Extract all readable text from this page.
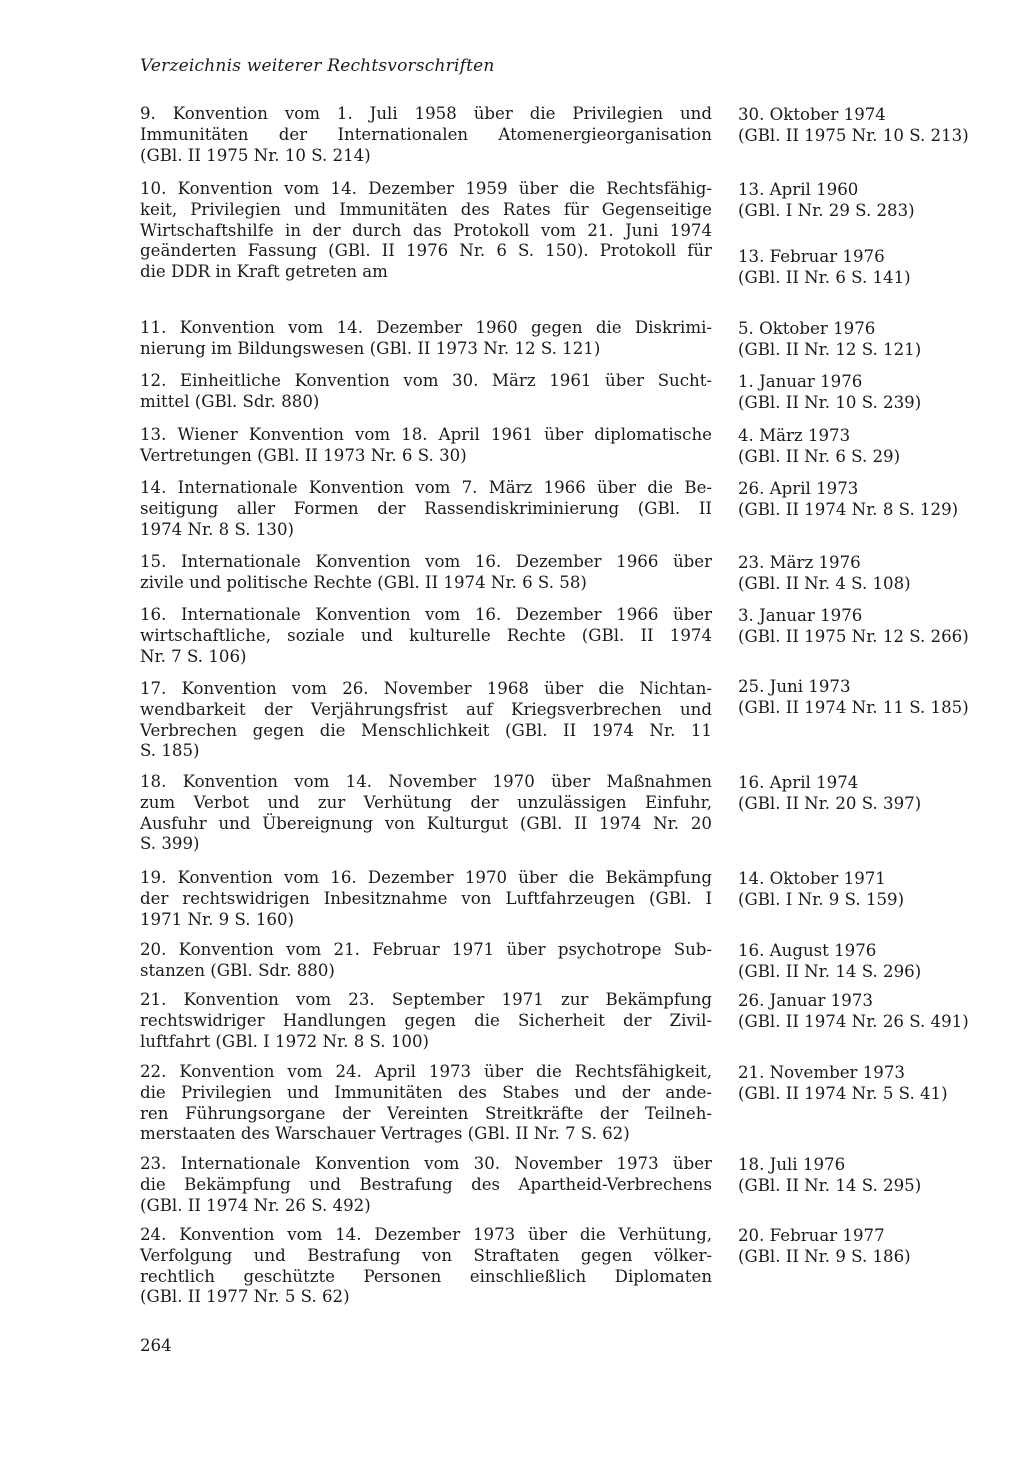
Verzeichnis weiterer Rechtsvorschriften
9. Konvention vom 1. Juli 1958 über die Privilegien und
Immunitäten der Internationalen Atomenergieorganisation
(GBl. II 1975 Nr. 10 S. 214)
30. Oktober 1974
(GBl. II 1975 Nr. 10 S. 213)
10. Konvention vom 14. Dezember 1959 über die Rechtsfähig-
keit, Privilegien und Immunitäten des Rates für Gegenseitige
Wirtschaftshilfe in der durch das Protokoll vom 21. Juni 1974
geänderten Fassung (GBl. II 1976 Nr. 6 S. 150). Protokoll für
die DDR in Kraft getreten am
13. April 1960
(GBl. I Nr. 29 S. 283)
13. Februar 1976
(GBl. II Nr. 6 S. 141)
11. Konvention vom 14. Dezember 1960 gegen die Diskrimi-
nierung im Bildungswesen (GBl. II 1973 Nr. 12 S. 121)
5. Oktober 1976
(GBl. II Nr. 12 S. 121)
12. Einheitliche Konvention vom 30. März 1961 über Sucht-
mittel (GBl. Sdr. 880)
1. Januar 1976
(GBl. II Nr. 10 S. 239)
13. Wiener Konvention vom 18. April 1961 über diplomatische
Vertretungen (GBl. II 1973 Nr. 6 S. 30)
4. März 1973
(GBl. II Nr. 6 S. 29)
14. Internationale Konvention vom 7. März 1966 über die Be-
seitigung aller Formen der Rassendiskriminierung (GBl. II
1974 Nr. 8 S. 130)
26. April 1973
(GBl. II 1974 Nr. 8 S. 129)
15. Internationale Konvention vom 16. Dezember 1966 über
zivile und politische Rechte (GBl. II 1974 Nr. 6 S. 58)
23. März 1976
(GBl. II Nr. 4 S. 108)
16. Internationale Konvention vom 16. Dezember 1966 über
wirtschaftliche, soziale und kulturelle Rechte (GBl. II 1974
Nr. 7 S. 106)
3. Januar 1976
(GBl. II 1975 Nr. 12 S. 266)
17. Konvention vom 26. November 1968 über die Nichtan-
wendbarkeit der Verjährungsfrist auf Kriegsverbrechen und
Verbrechen gegen die Menschlichkeit (GBl. II 1974 Nr. 11
S. 185)
25. Juni 1973
(GBl. II 1974 Nr. 11 S. 185)
18. Konvention vom 14. November 1970 über Maßnahmen
zum Verbot und zur Verhütung der unzulässigen Einfuhr,
Ausfuhr und Übereignung von Kulturgut (GBl. II 1974 Nr. 20
S. 399)
16. April 1974
(GBl. II Nr. 20 S. 397)
19. Konvention vom 16. Dezember 1970 über die Bekämpfung
der rechtswidrigen Inbesitznahme von Luftfahrzeugen (GBl. I
1971 Nr. 9 S. 160)
14. Oktober 1971
(GBl. I Nr. 9 S. 159)
20. Konvention vom 21. Februar 1971 über psychotrope Sub-
stanzen (GBl. Sdr. 880)
16. August 1976
(GBl. II Nr. 14 S. 296)
21. Konvention vom 23. September 1971 zur Bekämpfung
rechtswidriger Handlungen gegen die Sicherheit der Zivil-
luftfahrt (GBl. I 1972 Nr. 8 S. 100)
26. Januar 1973
(GBl. II 1974 Nr. 26 S. 491)
22. Konvention vom 24. April 1973 über die Rechtsfähigkeit,
die Privilegien und Immunitäten des Stabes und der ande-
ren Führungsorgane der Vereinten Streitkräfte der Teilneh-
merstaaten des Warschauer Vertrages (GBl. II Nr. 7 S. 62)
21. November 1973
(GBl. II 1974 Nr. 5 S. 41)
23. Internationale Konvention vom 30. November 1973 über
die Bekämpfung und Bestrafung des Apartheid-Verbrechens
(GBl. II 1974 Nr. 26 S. 492)
18. Juli 1976
(GBl. II Nr. 14 S. 295)
24. Konvention vom 14. Dezember 1973 über die Verhütung,
Verfolgung und Bestrafung von Straftaten gegen völker-
rechtlich geschützte Personen einschließlich Diplomaten
(GBl. II 1977 Nr. 5 S. 62)
20. Februar 1977
(GBl. II Nr. 9 S. 186)
264
